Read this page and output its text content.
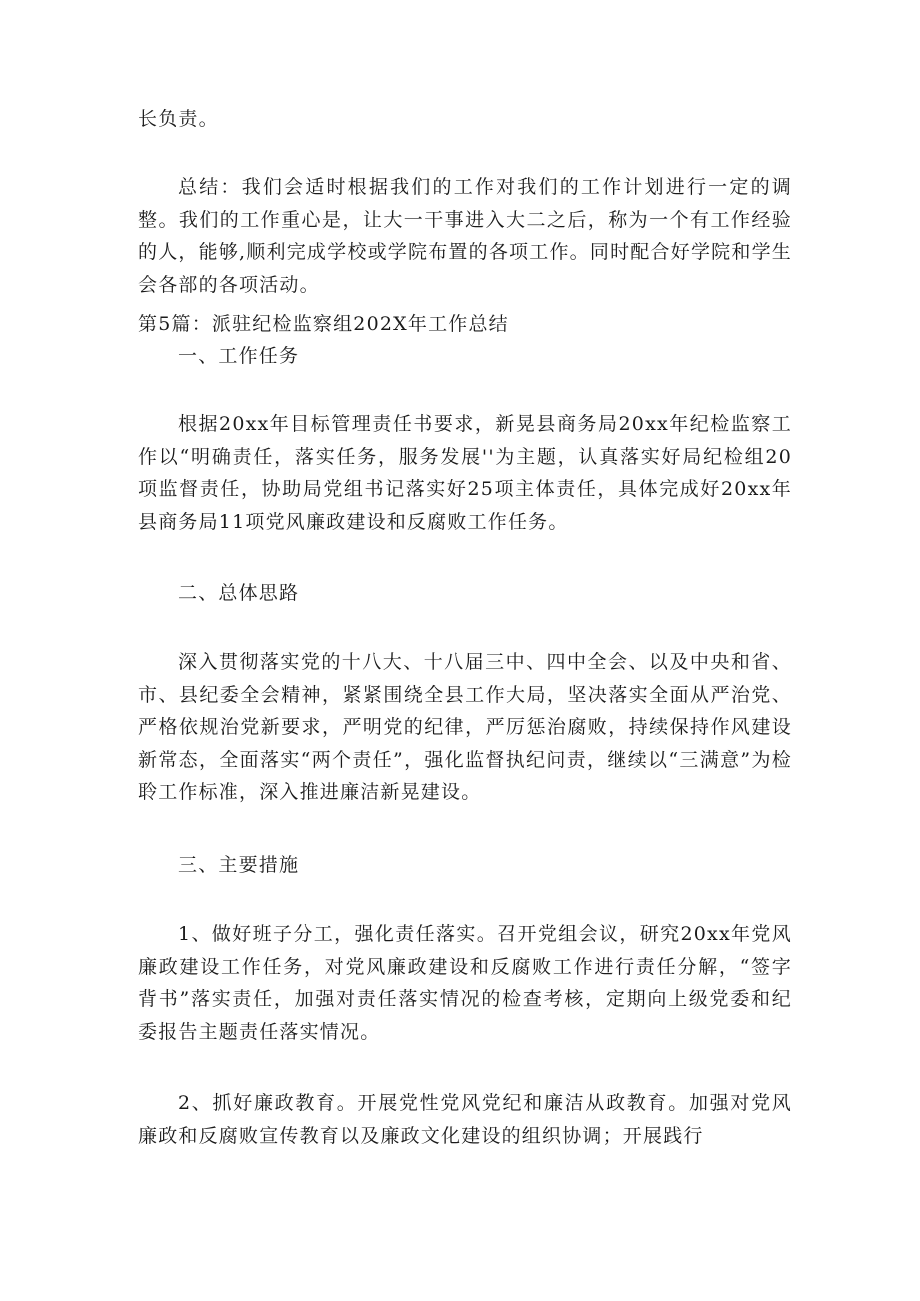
长负责。

总结：我们会适时根据我们的工作对我们的工作计划进行一定的调整。我们的工作重心是，让大一干事进入大二之后，称为一个有工作经验的人，能够,顺利完成学校或学院布置的各项工作。同时配合好学院和学生会各部的各项活动。

第5篇：派驻纪检监察组202X年工作总结

一、工作任务

根据20xx年目标管理责任书要求，新晃县商务局20xx年纪检监察工作以“明确责任，落实任务，服务发展''为主题，认真落实好局纪检组20项监督责任，协助局党组书记落实好25项主体责任，具体完成好20xx年县商务局11项党风廉政建设和反腐败工作任务。

二、总体思路

深入贯彻落实党的十八大、十八届三中、四中全会、以及中央和省、市、县纪委全会精神，紧紧围绕全县工作大局，坚决落实全面从严治党、严格依规治党新要求，严明党的纪律，严厉惩治腐败，持续保持作风建设新常态，全面落实“两个责任”，强化监督执纪问责，继续以“三满意”为检聆工作标准，深入推进廉洁新晃建设。

三、主要措施

1、做好班子分工，强化责任落实。召开党组会议，研究20xx年党风廉政建设工作任务，对党风廉政建设和反腐败工作进行责任分解，“签字背书”落实责任，加强对责任落实情况的检查考核，定期向上级党委和纪委报告主题责任落实情况。

2、抓好廉政教育。开展党性党风党纪和廉洁从政教育。加强对党风廉政和反腐败宣传教育以及廉政文化建设的组织协调；开展践行
